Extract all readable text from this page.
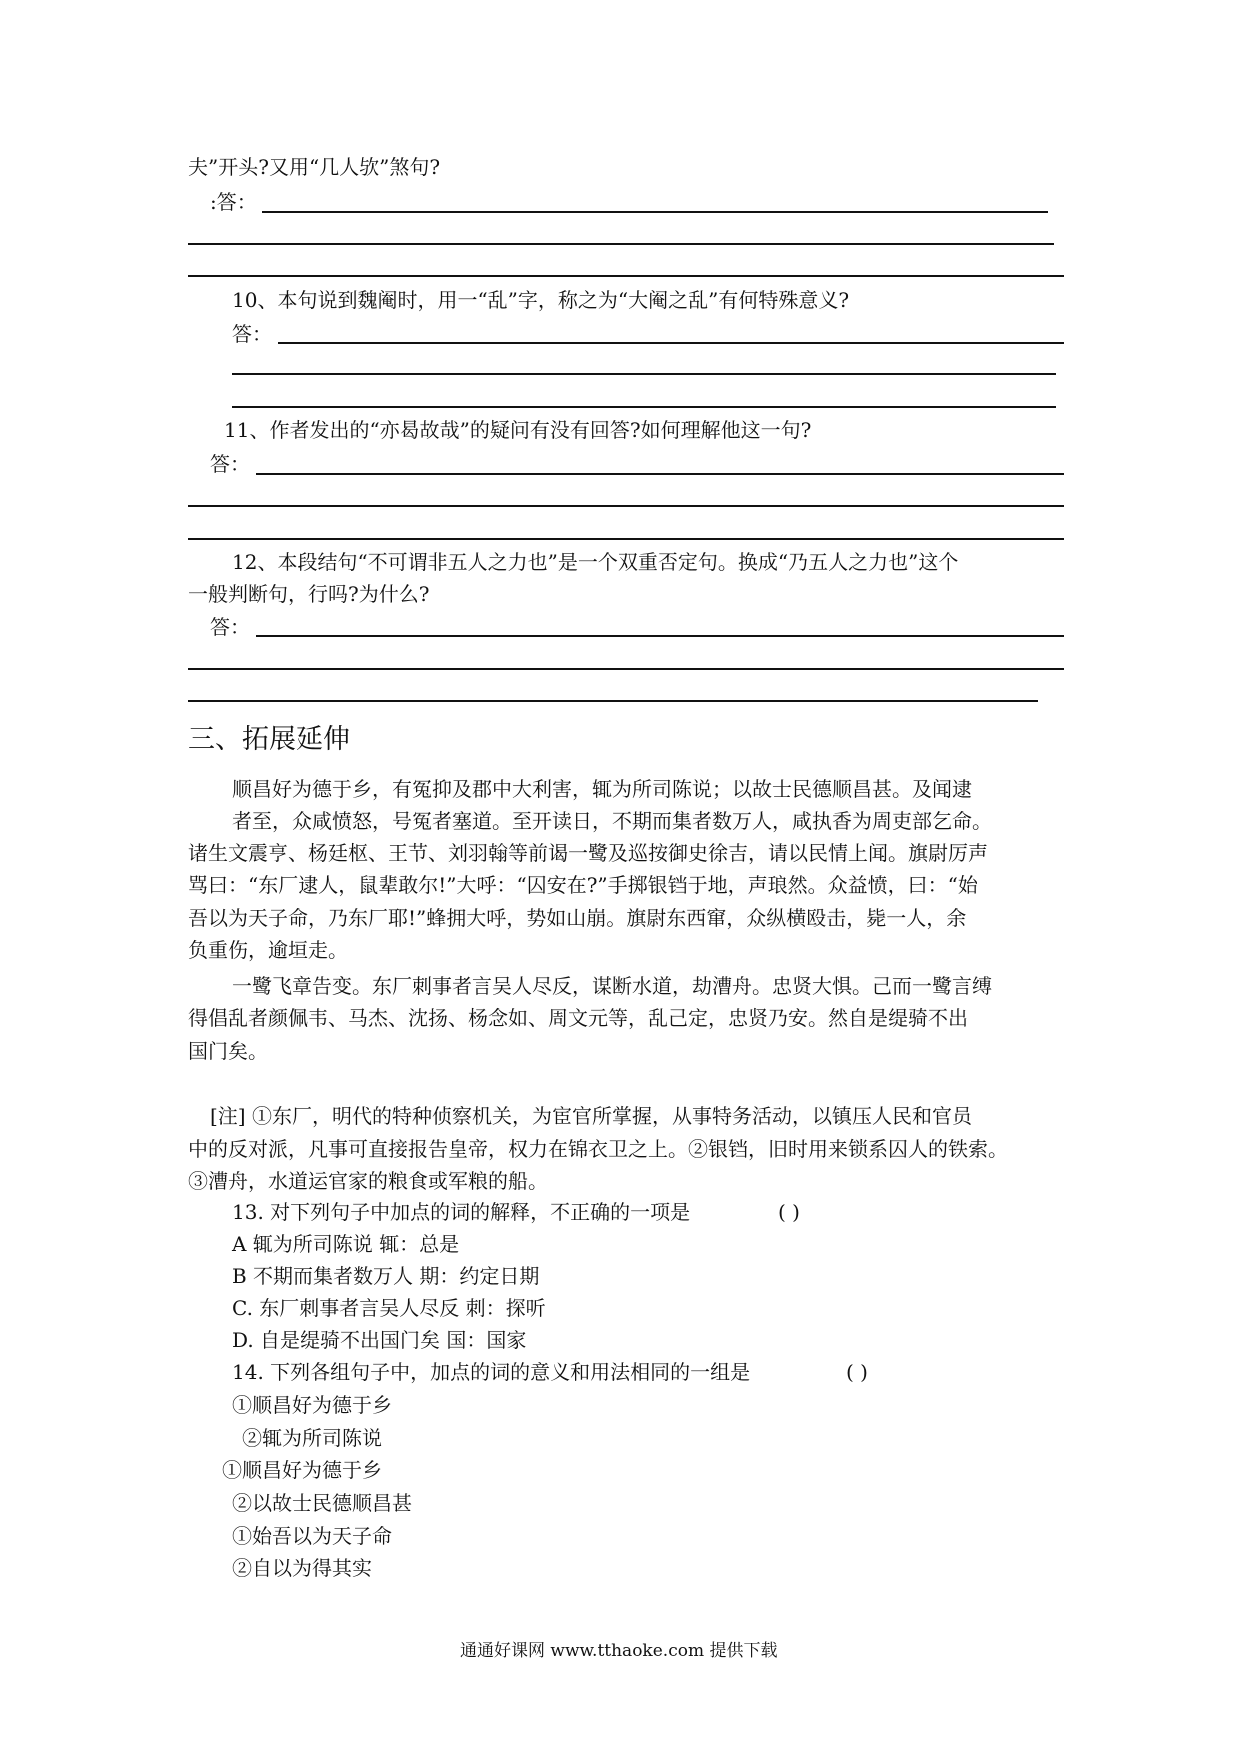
夫”开头?又用“几人欤”煞句?
:答：
10、本句说到魏阉时，用一“乱”字，称之为“大阉之乱”有何特殊意义?
答：
11、作者发出的“亦曷故哉”的疑问有没有回答?如何理解他这一句?
答：
12、本段结句“不可谓非五人之力也”是一个双重否定句。换成“乃五人之力也”这个
一般判断句，行吗?为什么?
答：
三、拓展延伸
顺昌好为德于乡，有冤抑及郡中大利害，辄为所司陈说；以故士民德顺昌甚。及闻逮
者至，众咸愤怒，号冤者塞道。至开读日，不期而集者数万人，咸执香为周吏部乞命。
诸生文震亨、杨廷枢、王节、刘羽翰等前谒一鹭及巡按御史徐吉，请以民情上闻。旗尉厉声
骂曰：“东厂逮人，鼠辈敢尔!”大呼：“囚安在?”手掷银铛于地，声琅然。众益愤，曰：“始
吾以为天子命，乃东厂耶!”蜂拥大呼，势如山崩。旗尉东西窜，众纵横殴击，毙一人，余
负重伤，逾垣走。
一鹭飞章告变。东厂刺事者言吴人尽反，谋断水道，劫漕舟。忠贤大惧。己而一鹭言缚
得倡乱者颜佩韦、马杰、沈扬、杨念如、周文元等，乱己定，忠贤乃安。然自是缇骑不出
国门矣。
[注] ①东厂，明代的特种侦察机关，为宦官所掌握，从事特务活动，以镇压人民和官员
中的反对派，凡事可直接报告皇帝，权力在锦衣卫之上。②银铛，旧时用来锁系囚人的铁索。
③漕舟，水道运官家的粮食或军粮的船。
13. 对下列句子中加点的词的解释，不正确的一项是	( )
A 辄为所司陈说 辄：总是
B 不期而集者数万人 期：约定日期
C. 东厂刺事者言吴人尽反 刺：探听
D. 自是缇骑不出国门矣 国：国家
14. 下列各组句子中，加点的词的意义和用法相同的一组是	( )
①顺昌好为德于乡
②辄为所司陈说
①顺昌好为德于乡
②以故士民德顺昌甚
①始吾以为天子命
②自以为得其实
通通好课网 www.tthaoke.com 提供下载
